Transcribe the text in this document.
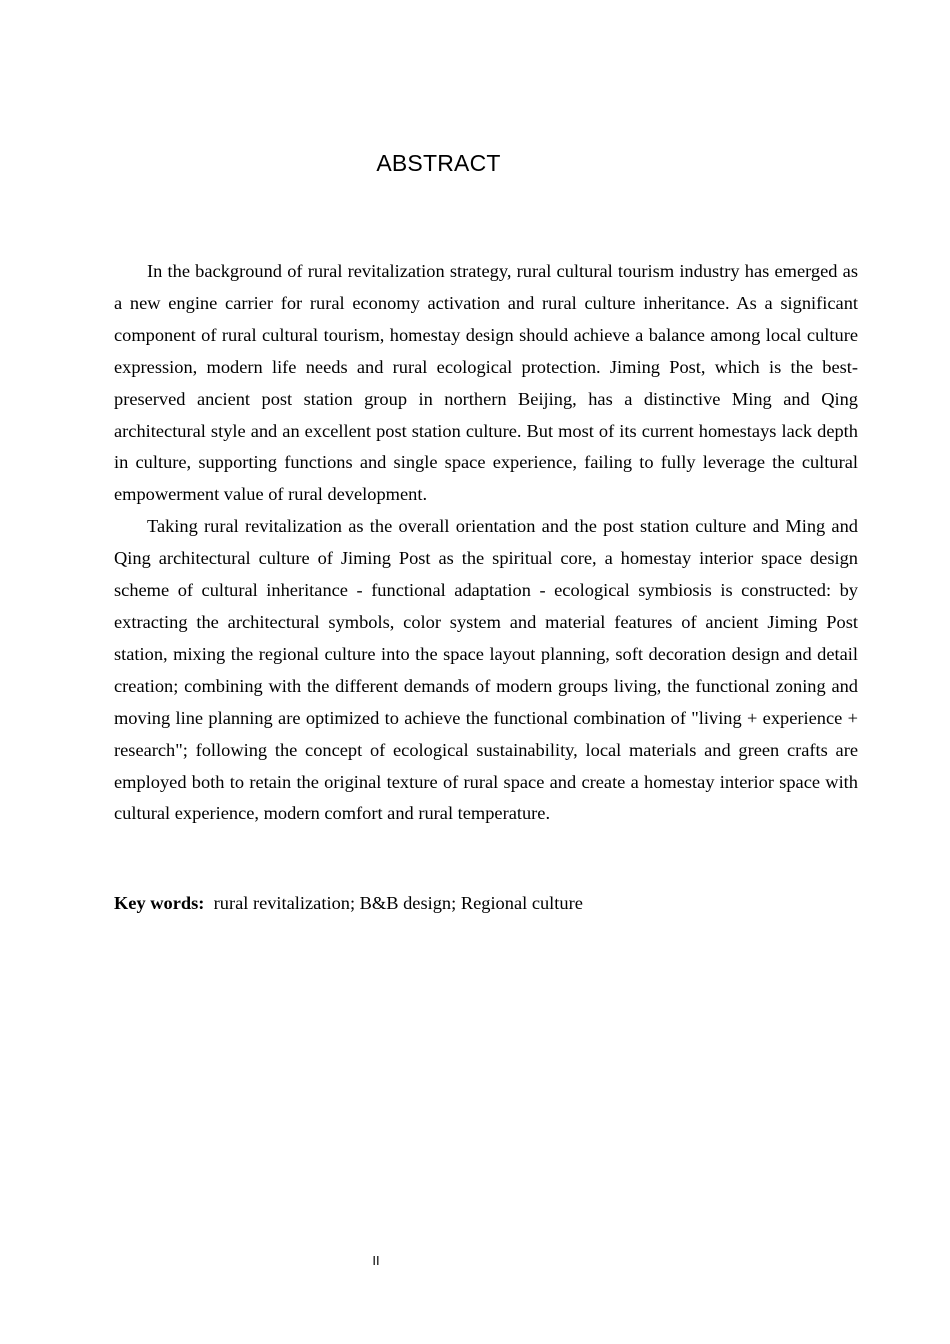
ABSTRACT

In the background of rural revitalization strategy, rural cultural tourism industry has emerged as a new engine carrier for rural economy activation and rural culture inheritance. As a significant component of rural cultural tourism, homestay design should achieve a balance among local culture expression, modern life needs and rural ecological protection. Jiming Post, which is the best-preserved ancient post station group in northern Beijing, has a distinctive Ming and Qing architectural style and an excellent post station culture. But most of its current homestays lack depth in culture, supporting functions and single space experience, failing to fully leverage the cultural empowerment value of rural development.

Taking rural revitalization as the overall orientation and the post station culture and Ming and Qing architectural culture of Jiming Post as the spiritual core, a homestay interior space design scheme of cultural inheritance - functional adaptation - ecological symbiosis is constructed: by extracting the architectural symbols, color system and material features of ancient Jiming Post station, mixing the regional culture into the space layout planning, soft decoration design and detail creation; combining with the different demands of modern groups living, the functional zoning and moving line planning are optimized to achieve the functional combination of "living + experience + research"; following the concept of ecological sustainability, local materials and green crafts are employed both to retain the original texture of rural space and create a homestay interior space with cultural experience, modern comfort and rural temperature.

Key words: rural revitalization; B&B design; Regional culture

II
